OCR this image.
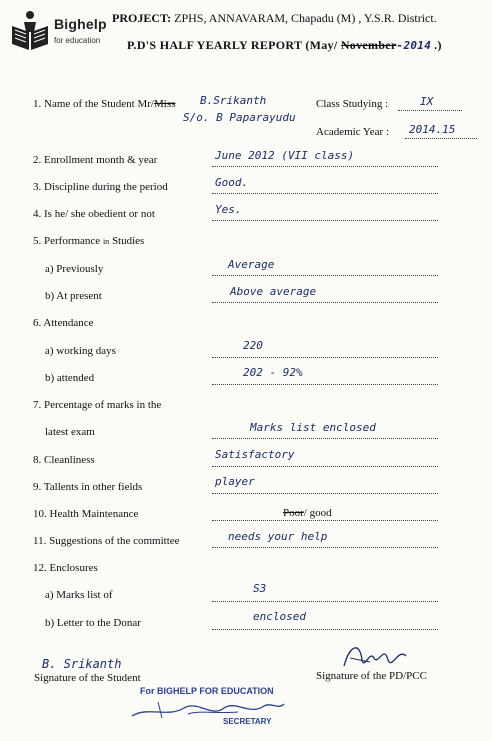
Bighelp
for education
PROJECT: ZPHS, ANNAVARAM, Chapadu (M) , Y.S.R. District.
P.D'S HALF YEARLY REPORT (May/ November-2014 .)
1. Name of the Student Mr/Miss B.Srikanth
S/o. B Paparayudu
Class Studying :	IX
Academic Year : 2014.15
2. Enrollment month & year	June 2012 (VII class)
3. Discipline during the period	Good.
4. Is he/ she obedient or not	Yes.
5. Performance in Studies
a) Previously	Average
b) At present	Above average
6. Attendance
a) working days	220
b) attended	202 - 92%
7. Percentage of marks in the
latest exam	Marks list enclosed
8. Cleanliness	Satisfactory
9. Tallents in other fields	player
10. Health Maintenance	Poor/ good
11. Suggestions of the committee	needs your help
12. Enclosures
a) Marks list of	S3
b) Letter to the Donar	enclosed
B. Srikanth
Signature of the Student	Signature of the PD/PCC
For BIGHELP FOR EDUCATION
SECRETARY
